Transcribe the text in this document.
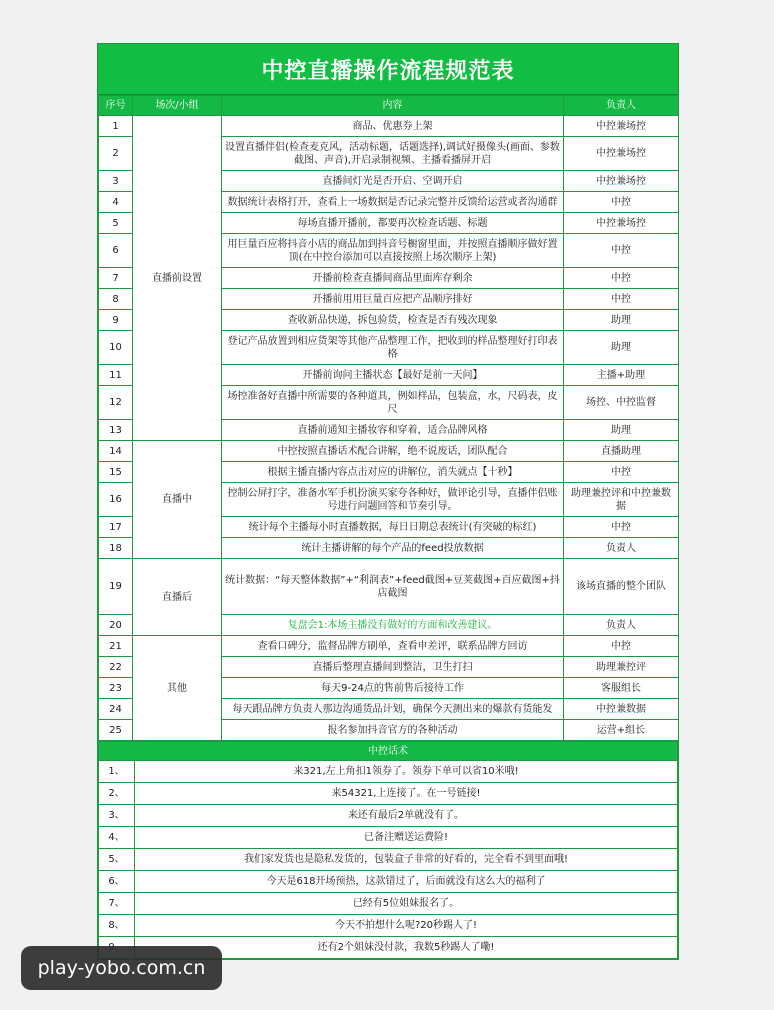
中控直播操作流程规范表
序号	场次/小组	内容	负责人
1	直播前设置	商品、优惠券上架	中控兼场控
2		设置直播伴侣(检查麦克风，活动标题，话题选择),调试好摄像头(画面、参数截图、声音),开启录制视频、主播看播屏开启	中控兼场控
3		直播间灯光是否开启、空调开启	中控兼场控
4		数据统计表格打开，查看上一场数据是否记录完整并反馈给运营或者沟通群	中控
5		每场直播开播前，都要再次检查话题、标题	中控兼场控
6		用巨量百应将抖音小店的商品加到抖音号橱窗里面，并按照直播顺序做好置顶(在中控台添加可以直接按照上场次顺序上架)	中控
7		开播前检查直播间商品里面库存剩余	中控
8		开播前用用巨量百应把产品顺序排好	中控
9		查收新品快递，拆包验货，检查是否有残次现象	助理
10		登记产品放置到相应货架等其他产品整理工作，把收到的样品整理好打印表格	助理
11		开播前询问主播状态【最好是前一天问】	主播+助理
12		场控准备好直播中所需要的各种道具，例如样品，包装盒，水，尺码表，皮尺	场控、中控监督
13		直播前通知主播妆容和穿着，适合品牌风格	助理
14	直播中	中控按照直播话术配合讲解，绝不说废话，团队配合	直播助理
15		根据主播直播内容点击对应的讲解位，消失就点【十秒】	中控
16		控制公屏打字，准备水军手机扮演买家夸各种好，做评论引导，直播伴侣账号进行问题回答和节奏引导。	助理兼控评和中控兼数据
17		统计每个主播每小时直播数据，每日日期总表统计(有突破的标红)	中控
18		统计主播讲解的每个产品的feed投放数据	负责人
19	直播后	统计数据：“每天整体数据”+“利润表”+feed截图+豆荚截图+百应截图+抖店截图	该场直播的整个团队
20		复盘会1:本场主播没有做好的方面和改善建议。	负责人
21	其他	查看口碑分，监督品牌方刷单，查看申差评，联系品牌方回访	中控
22		直播后整理直播间到整洁，卫生打扫	助理兼控评
23		每天9-24点的售前售后接待工作	客服组长
24		每天跟品牌方负责人那边沟通货品计划，确保今天测出来的爆款有货能发	中控兼数据
25		报名参加抖音官方的各种活动	运营+组长
中控话术	
1、	来321,左上角扣1领券了。领券下单可以省10米哦!
2、	来54321,上连接了。在一号链接!
3、	来还有最后2单就没有了。
4、	已备注赠送运费险!
5、	我们家发货也是隐私发货的，包装盒子非常的好看的，完全看不到里面哦!
6、	今天是618开场预热，这款错过了，后面就没有这么大的福利了
7、	已经有5位姐妹报名了。
8、	今天不拍想什么呢?20秒踢人了!
	还有2个姐妹没付款，我数5秒踢人了嘞!
play-yobo.com.cn
